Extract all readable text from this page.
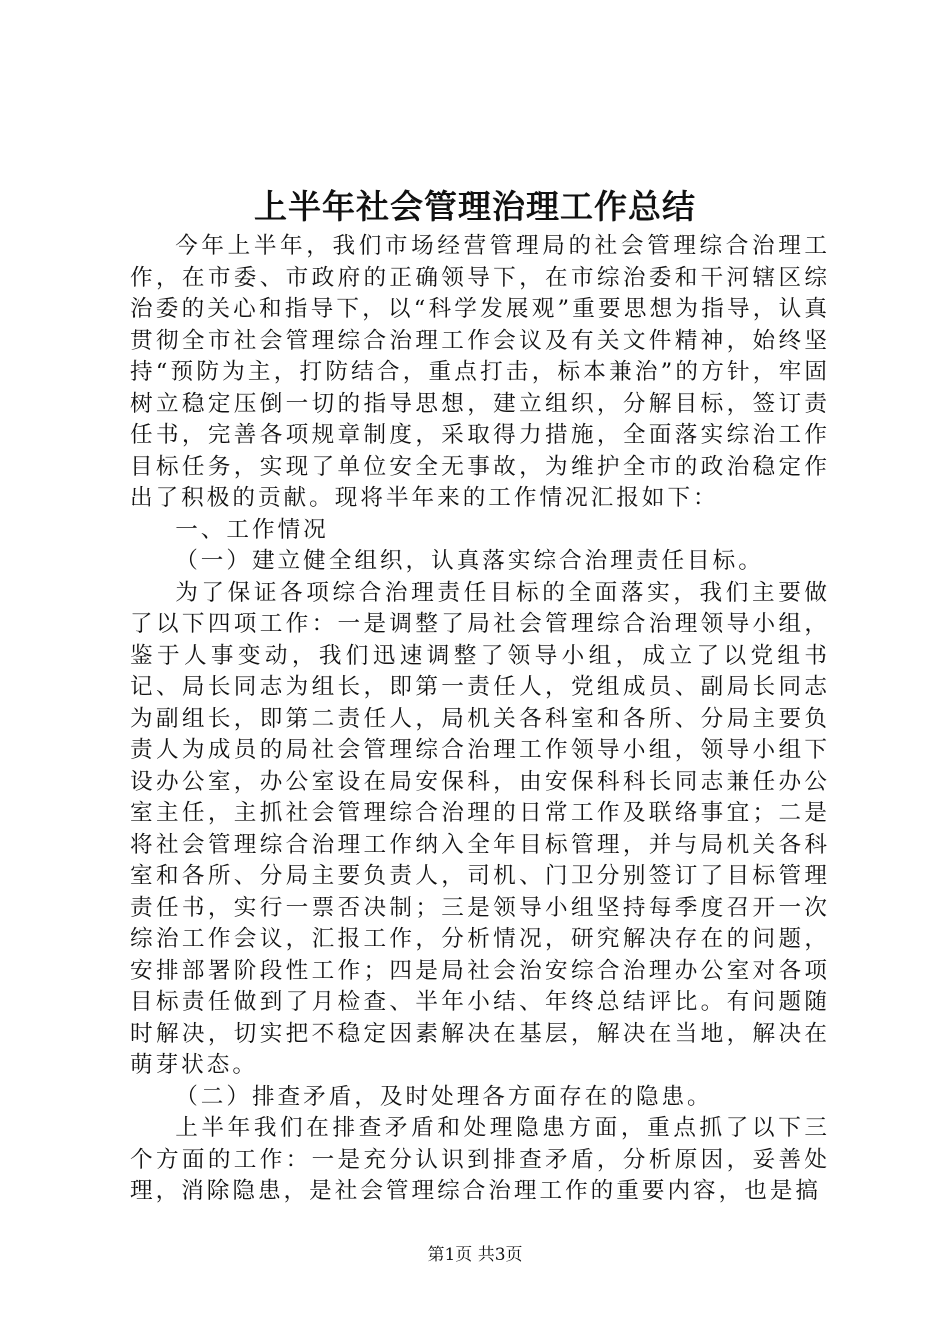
上半年社会管理治理工作总结

今年上半年，我们市场经营管理局的社会管理综合治理工作，在市委、市政府的正确领导下，在市综治委和干河辖区综治委的关心和指导下，以“科学发展观”重要思想为指导，认真贯彻全市社会管理综合治理工作会议及有关文件精神，始终坚持“预防为主，打防结合，重点打击，标本兼治”的方针，牢固树立稳定压倒一切的指导思想，建立组织，分解目标，签订责任书，完善各项规章制度，采取得力措施，全面落实综治工作目标任务，实现了单位安全无事故，为维护全市的政治稳定作出了积极的贡献。现将半年来的工作情况汇报如下：

一、工作情况

（一）建立健全组织，认真落实综合治理责任目标。

为了保证各项综合治理责任目标的全面落实，我们主要做了以下四项工作：一是调整了局社会管理综合治理领导小组，鉴于人事变动，我们迅速调整了领导小组，成立了以党组书记、局长同志为组长，即第一责任人，党组成员、副局长同志为副组长，即第二责任人，局机关各科室和各所、分局主要负责人为成员的局社会管理综合治理工作领导小组，领导小组下设办公室，办公室设在局安保科，由安保科科长同志兼任办公室主任，主抓社会管理综合治理的日常工作及联络事宜；二是将社会管理综合治理工作纳入全年目标管理，并与局机关各科室和各所、分局主要负责人，司机、门卫分别签订了目标管理责任书，实行一票否决制；三是领导小组坚持每季度召开一次综治工作会议，汇报工作，分析情况，研究解决存在的问题，安排部署阶段性工作；四是局社会治安综合治理办公室对各项目标责任做到了月检查、半年小结、年终总结评比。有问题随时解决，切实把不稳定因素解决在基层，解决在当地，解决在萌芽状态。

（二）排查矛盾，及时处理各方面存在的隐患。

上半年我们在排查矛盾和处理隐患方面，重点抓了以下三个方面的工作：一是充分认识到排查矛盾，分析原因，妥善处理，消除隐患，是社会管理综合治理工作的重要内容，也是搞

第1页 共3页
